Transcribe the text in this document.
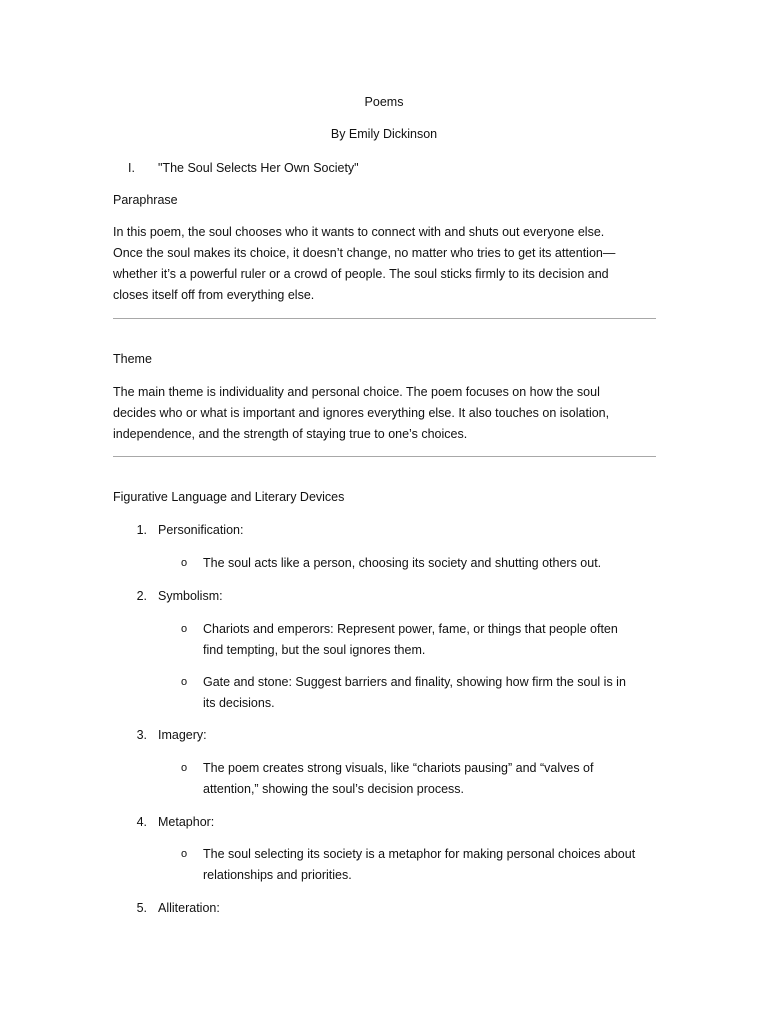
Poems
By Emily Dickinson
I. "The Soul Selects Her Own Society"
Paraphrase
In this poem, the soul chooses who it wants to connect with and shuts out everyone else.
Once the soul makes its choice, it doesn’t change, no matter who tries to get its attention—
whether it’s a powerful ruler or a crowd of people. The soul sticks firmly to its decision and
closes itself off from everything else.
Theme
The main theme is individuality and personal choice. The poem focuses on how the soul
decides who or what is important and ignores everything else. It also touches on isolation,
independence, and the strength of staying true to one’s choices.
Figurative Language and Literary Devices
1. Personification:
o The soul acts like a person, choosing its society and shutting others out.
2. Symbolism:
o Chariots and emperors: Represent power, fame, or things that people often
find tempting, but the soul ignores them.
o Gate and stone: Suggest barriers and finality, showing how firm the soul is in
its decisions.
3. Imagery:
o The poem creates strong visuals, like “chariots pausing” and “valves of
attention,” showing the soul’s decision process.
4. Metaphor:
o The soul selecting its society is a metaphor for making personal choices about
relationships and priorities.
5. Alliteration:
